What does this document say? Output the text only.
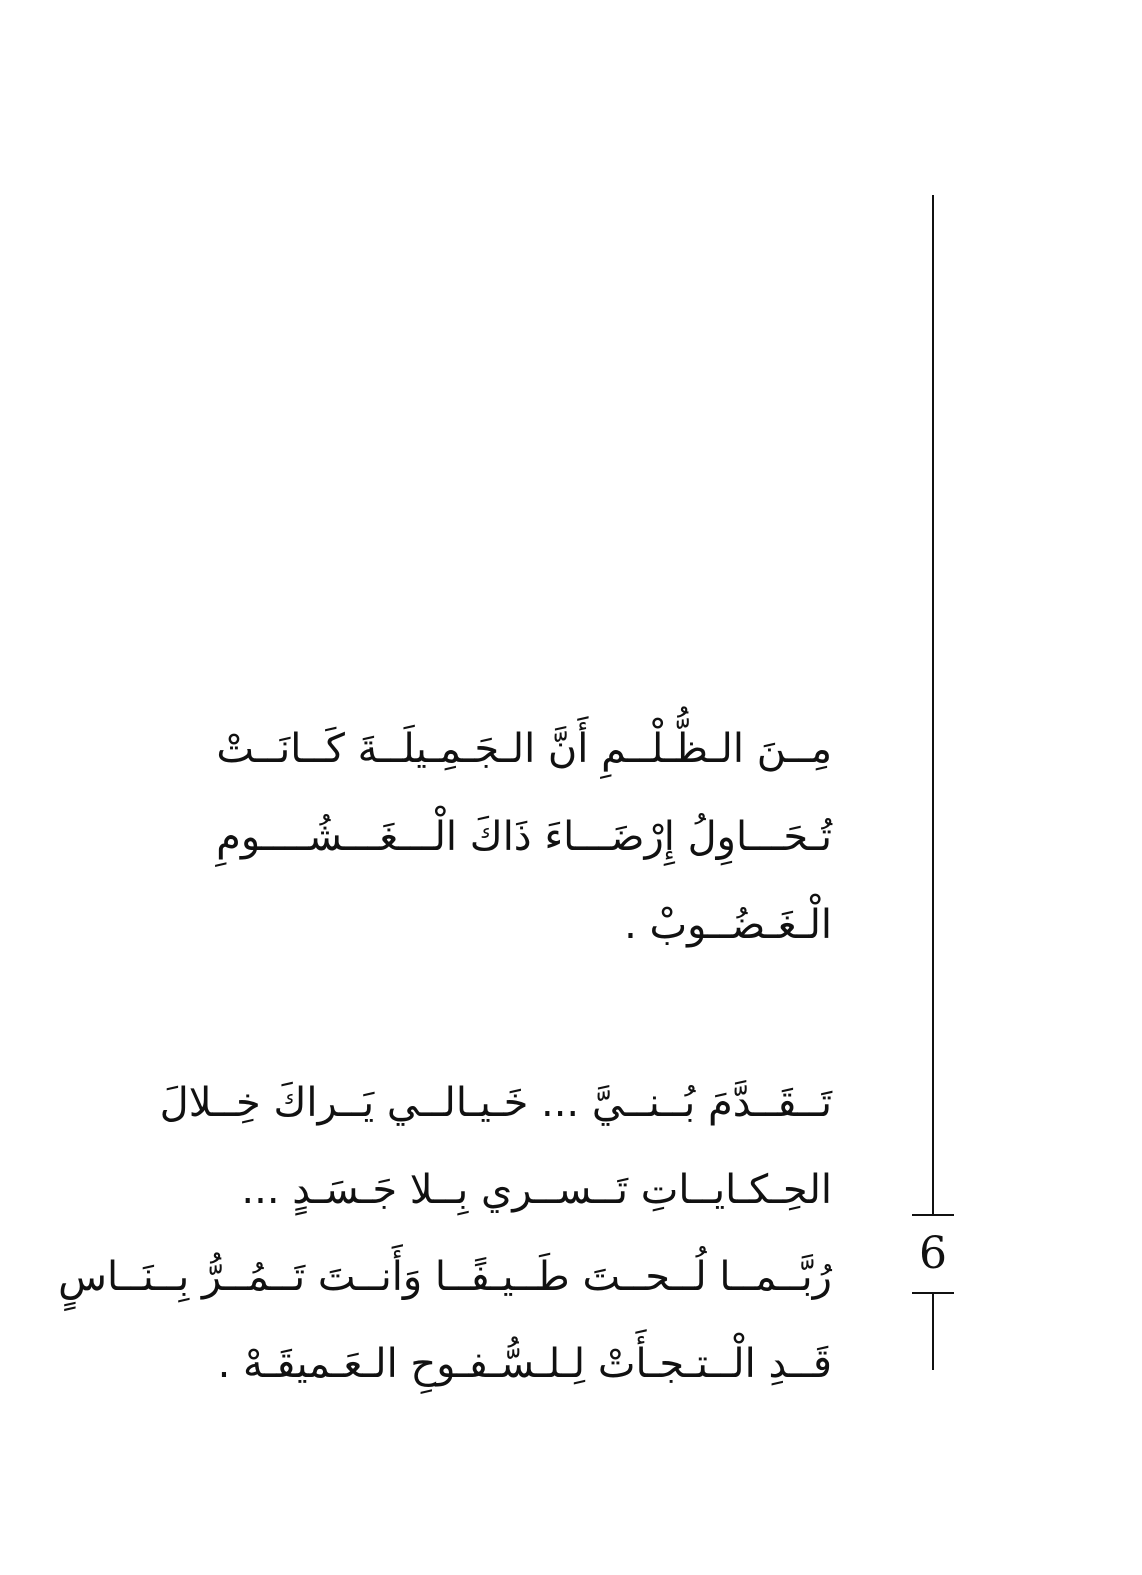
مِــنَ الـظُّـلْــمِ أَنَّ الـجَـمِـيلَــةَ كَــانَــتْ
تُـحَـــاوِلُ إِرْضَـــاءَ ذَاكَ الْـــغَـــشُــــومِ
الْـغَـضُــوبْ .
تَــقَــدَّمَ بُــنــيَّ ... خَـيـالــي يَــراكَ خِــلالَ
الحِـكـايــاتِ تَــســري بِــلا جَـسَـدٍ ...
رُبَّــمــا لُــحــتَ طَــيـفًــا وَأَنــتَ تَــمُــرُّ بِــنَــاسٍ
قَــدِ الْــتـجـأَتْ لِـلـسُّـفـوحِ الـعَـميقَـهْ .
6
